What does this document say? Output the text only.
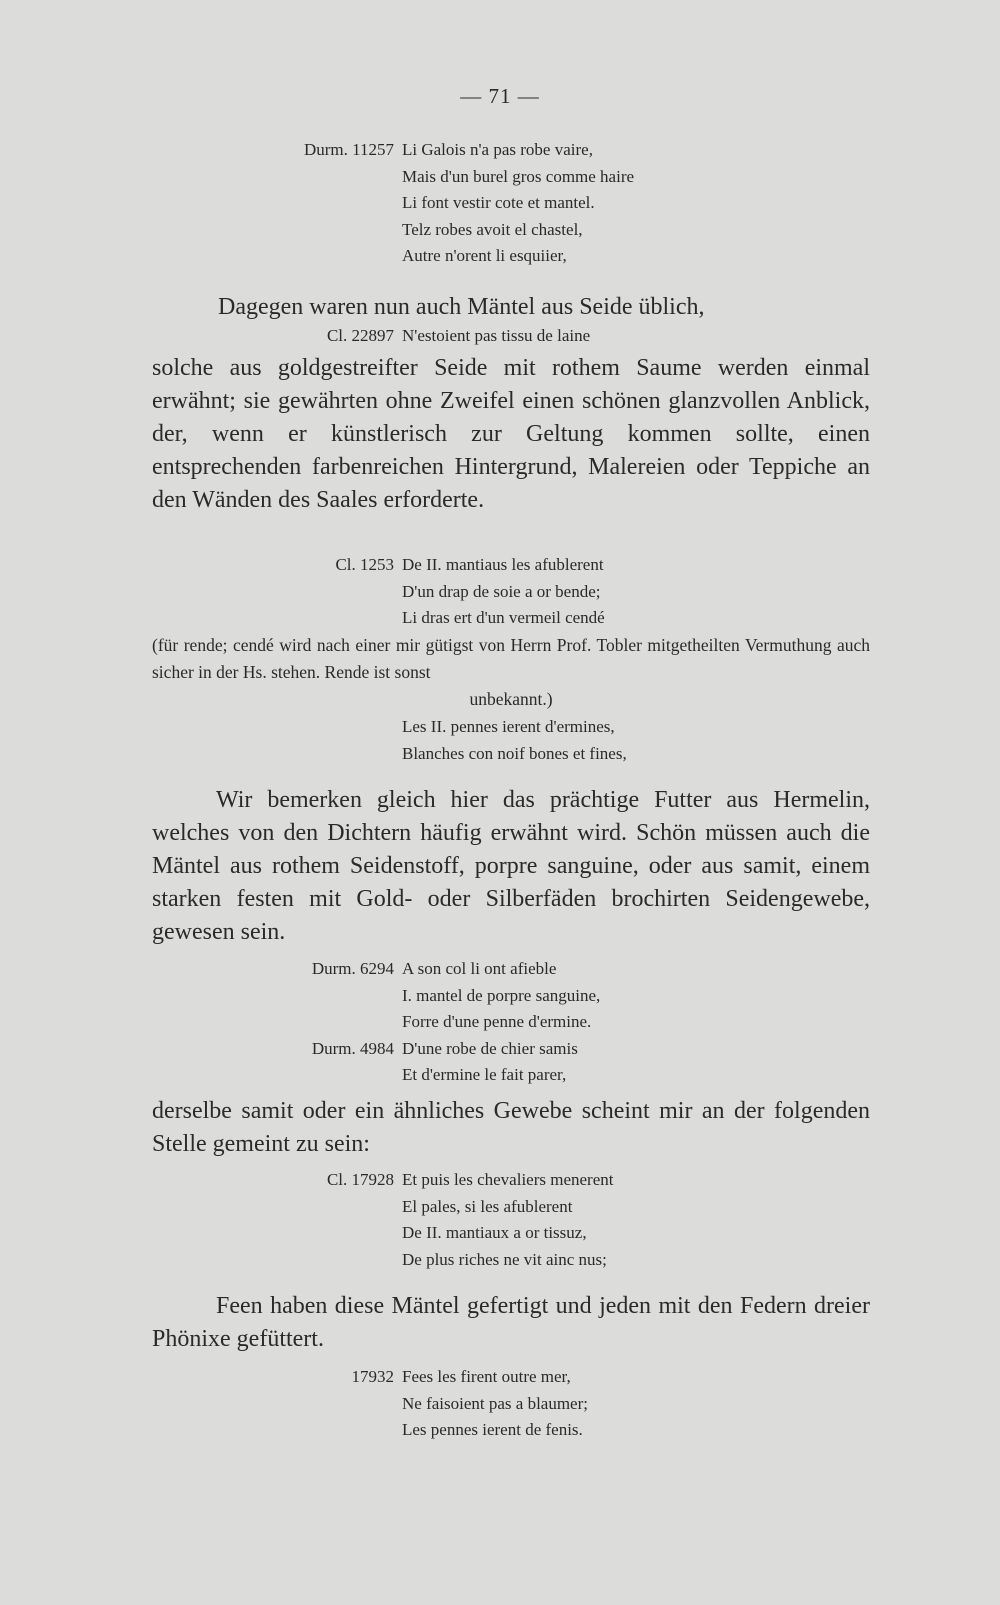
— 71 —
Durm. 11257 Li Galois n'a pas robe vaire,
Mais d'un burel gros comme haire
Li font vestir cote et mantel.
Telz robes avoit el chastel,
Autre n'orent li esquiier,
Dagegen waren nun auch Mäntel aus Seide üblich,
Cl. 22897 N'estoient pas tissu de laine
solche aus goldgestreifter Seide mit rothem Saume werden einmal erwähnt; sie gewährten ohne Zweifel einen schönen glanzvollen Anblick, der, wenn er künstlerisch zur Geltung kommen sollte, einen entsprechenden farbenreichen Hintergrund, Malereien oder Teppiche an den Wänden des Saales erforderte.
Cl. 1253 De II. mantiaus les afublerent
D'un drap de soie a or bende;
Li dras ert d'un vermeil cendé
(für rende; cendé wird nach einer mir gütigst von Herrn Prof. Tobler mitgetheilten Vermuthung auch sicher in der Hs. stehen. Rende ist sonst
unbekannt.)
Les II. pennes ierent d'ermines,
Blanches con noif bones et fines,
Wir bemerken gleich hier das prächtige Futter aus Hermelin, welches von den Dichtern häufig erwähnt wird. Schön müssen auch die Mäntel aus rothem Seidenstoff, porpre sanguine, oder aus samit, einem starken festen mit Gold- oder Silberfäden brochirten Seidengewebe, gewesen sein.
Durm. 6294 A son col li ont afieble
I. mantel de porpre sanguine,
Forre d'une penne d'ermine.
Durm. 4984 D'une robe de chier samis
Et d'ermine le fait parer,
derselbe samit oder ein ähnliches Gewebe scheint mir an der folgenden Stelle gemeint zu sein:
Cl. 17928 Et puis les chevaliers menerent
El pales, si les afublerent
De II. mantiaux a or tissuz,
De plus riches ne vit ainc nus;
Feen haben diese Mäntel gefertigt und jeden mit den Federn dreier Phönixe gefüttert.
17932 Fees les firent outre mer,
Ne faisoient pas a blaumer;
Les pennes ierent de fenis.
